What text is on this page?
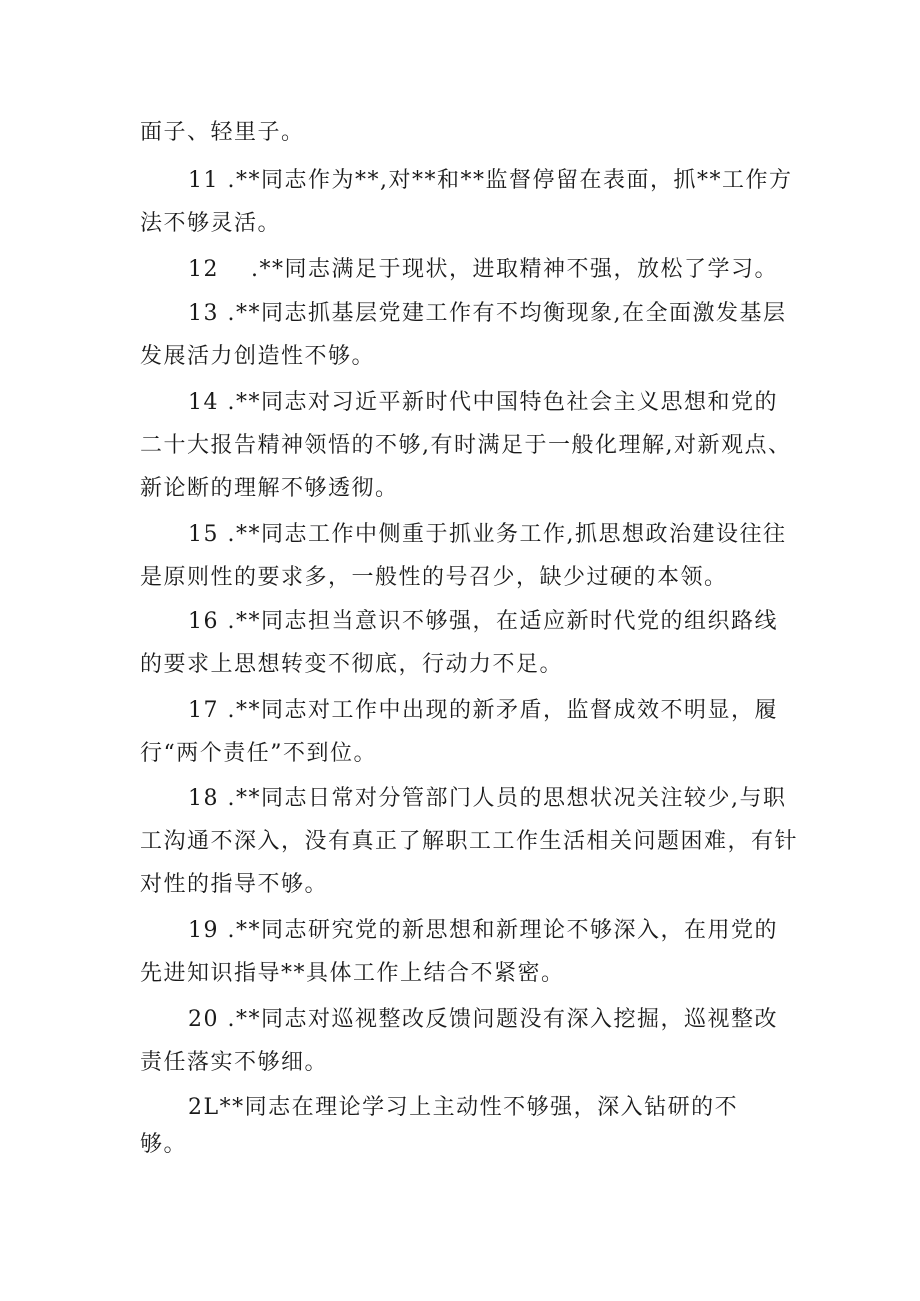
面子、轻里子。
11 .**同志作为**,对**和**监督停留在表面，抓**工作方
法不够灵活。
12　 .**同志满足于现状，进取精神不强，放松了学习。
13 .**同志抓基层党建工作有不均衡现象,在全面激发基层
发展活力创造性不够。
14 .**同志对习近平新时代中国特色社会主义思想和党的
二十大报告精神领悟的不够,有时满足于一般化理解,对新观点、
新论断的理解不够透彻。
15 .**同志工作中侧重于抓业务工作,抓思想政治建设往往
是原则性的要求多，一般性的号召少，缺少过硬的本领。
16 .**同志担当意识不够强，在适应新时代党的组织路线
的要求上思想转变不彻底，行动力不足。
17 .**同志对工作中出现的新矛盾，监督成效不明显，履
行“两个责任”不到位。
18 .**同志日常对分管部门人员的思想状况关注较少,与职
工沟通不深入，没有真正了解职工工作生活相关问题困难，有针
对性的指导不够。
19 .**同志研究党的新思想和新理论不够深入，在用党的
先进知识指导**具体工作上结合不紧密。
20 .**同志对巡视整改反馈问题没有深入挖掘，巡视整改
责任落实不够细。
2L**同志在理论学习上主动性不够强，深入钻研的不
够。
